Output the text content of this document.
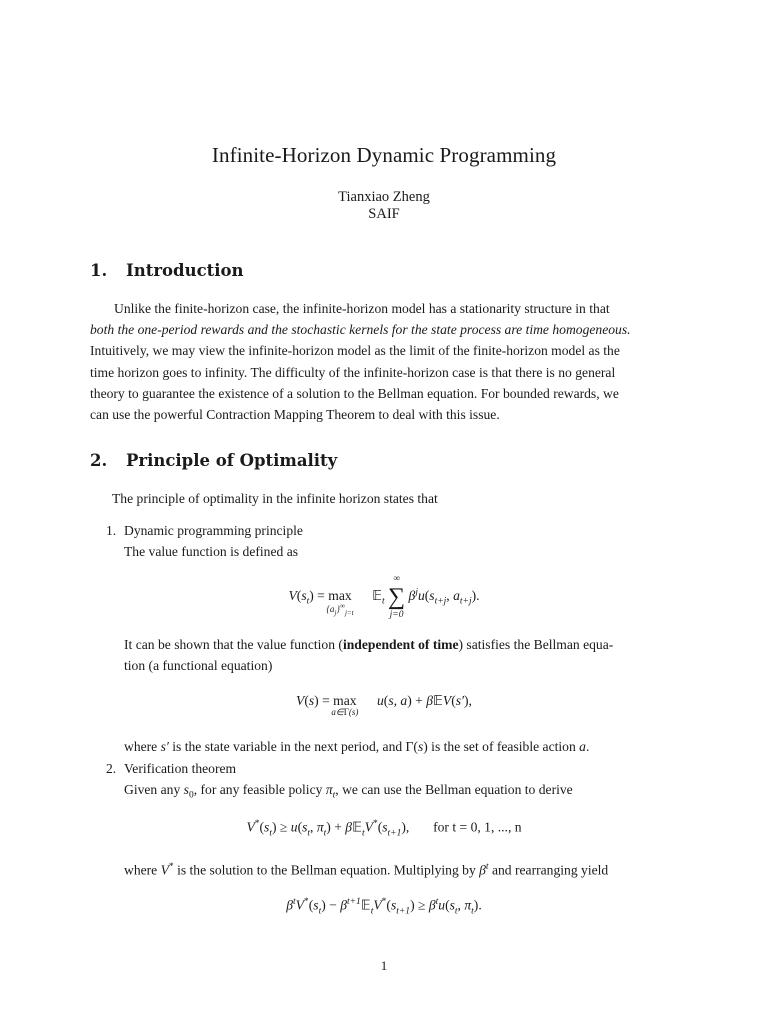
Infinite-Horizon Dynamic Programming
Tianxiao Zheng
SAIF
1. Introduction
Unlike the finite-horizon case, the infinite-horizon model has a stationarity structure in that
both the one-period rewards and the stochastic kernels for the state process are time homogeneous.
Intuitively, we may view the infinite-horizon model as the limit of the finite-horizon model as the
time horizon goes to infinity. The difficulty of the infinite-horizon case is that there is no general
theory to guarantee the existence of a solution to the Bellman equation. For bounded rewards, we
can use the powerful Contraction Mapping Theorem to deal with this issue.
2. Principle of Optimality
The principle of optimality in the infinite horizon states that
1. Dynamic programming principle
The value function is defined as
$V(s_t) = \max$
$\{a_j\}^\infty_{j=t}$
𝔼$_t$ ∑
∞
j=0
$\beta^ju(s_{t+j}$, $a_{t+j}$).
It can be shown that the value function (independent of time) satisfies the Bellman equa-
tion (a functional equation)
V(s) = max
a∈Γ(s)
u(s, a) + β𝔼V(s′),
where s′ is the state variable in the next period, and Γ(s) is the set of feasible action a.
2. Verification theorem
Given any $s_0$, for any feasible policy $\pi_t$, we can use the Bellman equation to derive
$V^*(s_t) \ge u(s_t$, $\pi_t$) + $\beta 𝔼_tV^*(s_{t+1})$, for t = 0, 1, ..., n
where V* is the solution to the Bellman equation. Multiplying by $\beta^t$ and rearranging yield
$\beta^tV^*(s_t)$ − $\beta^{t+1}𝔼_tV^*(s_{t+1}) \ge \beta^tu(s_t$, $\pi_t$).
1
